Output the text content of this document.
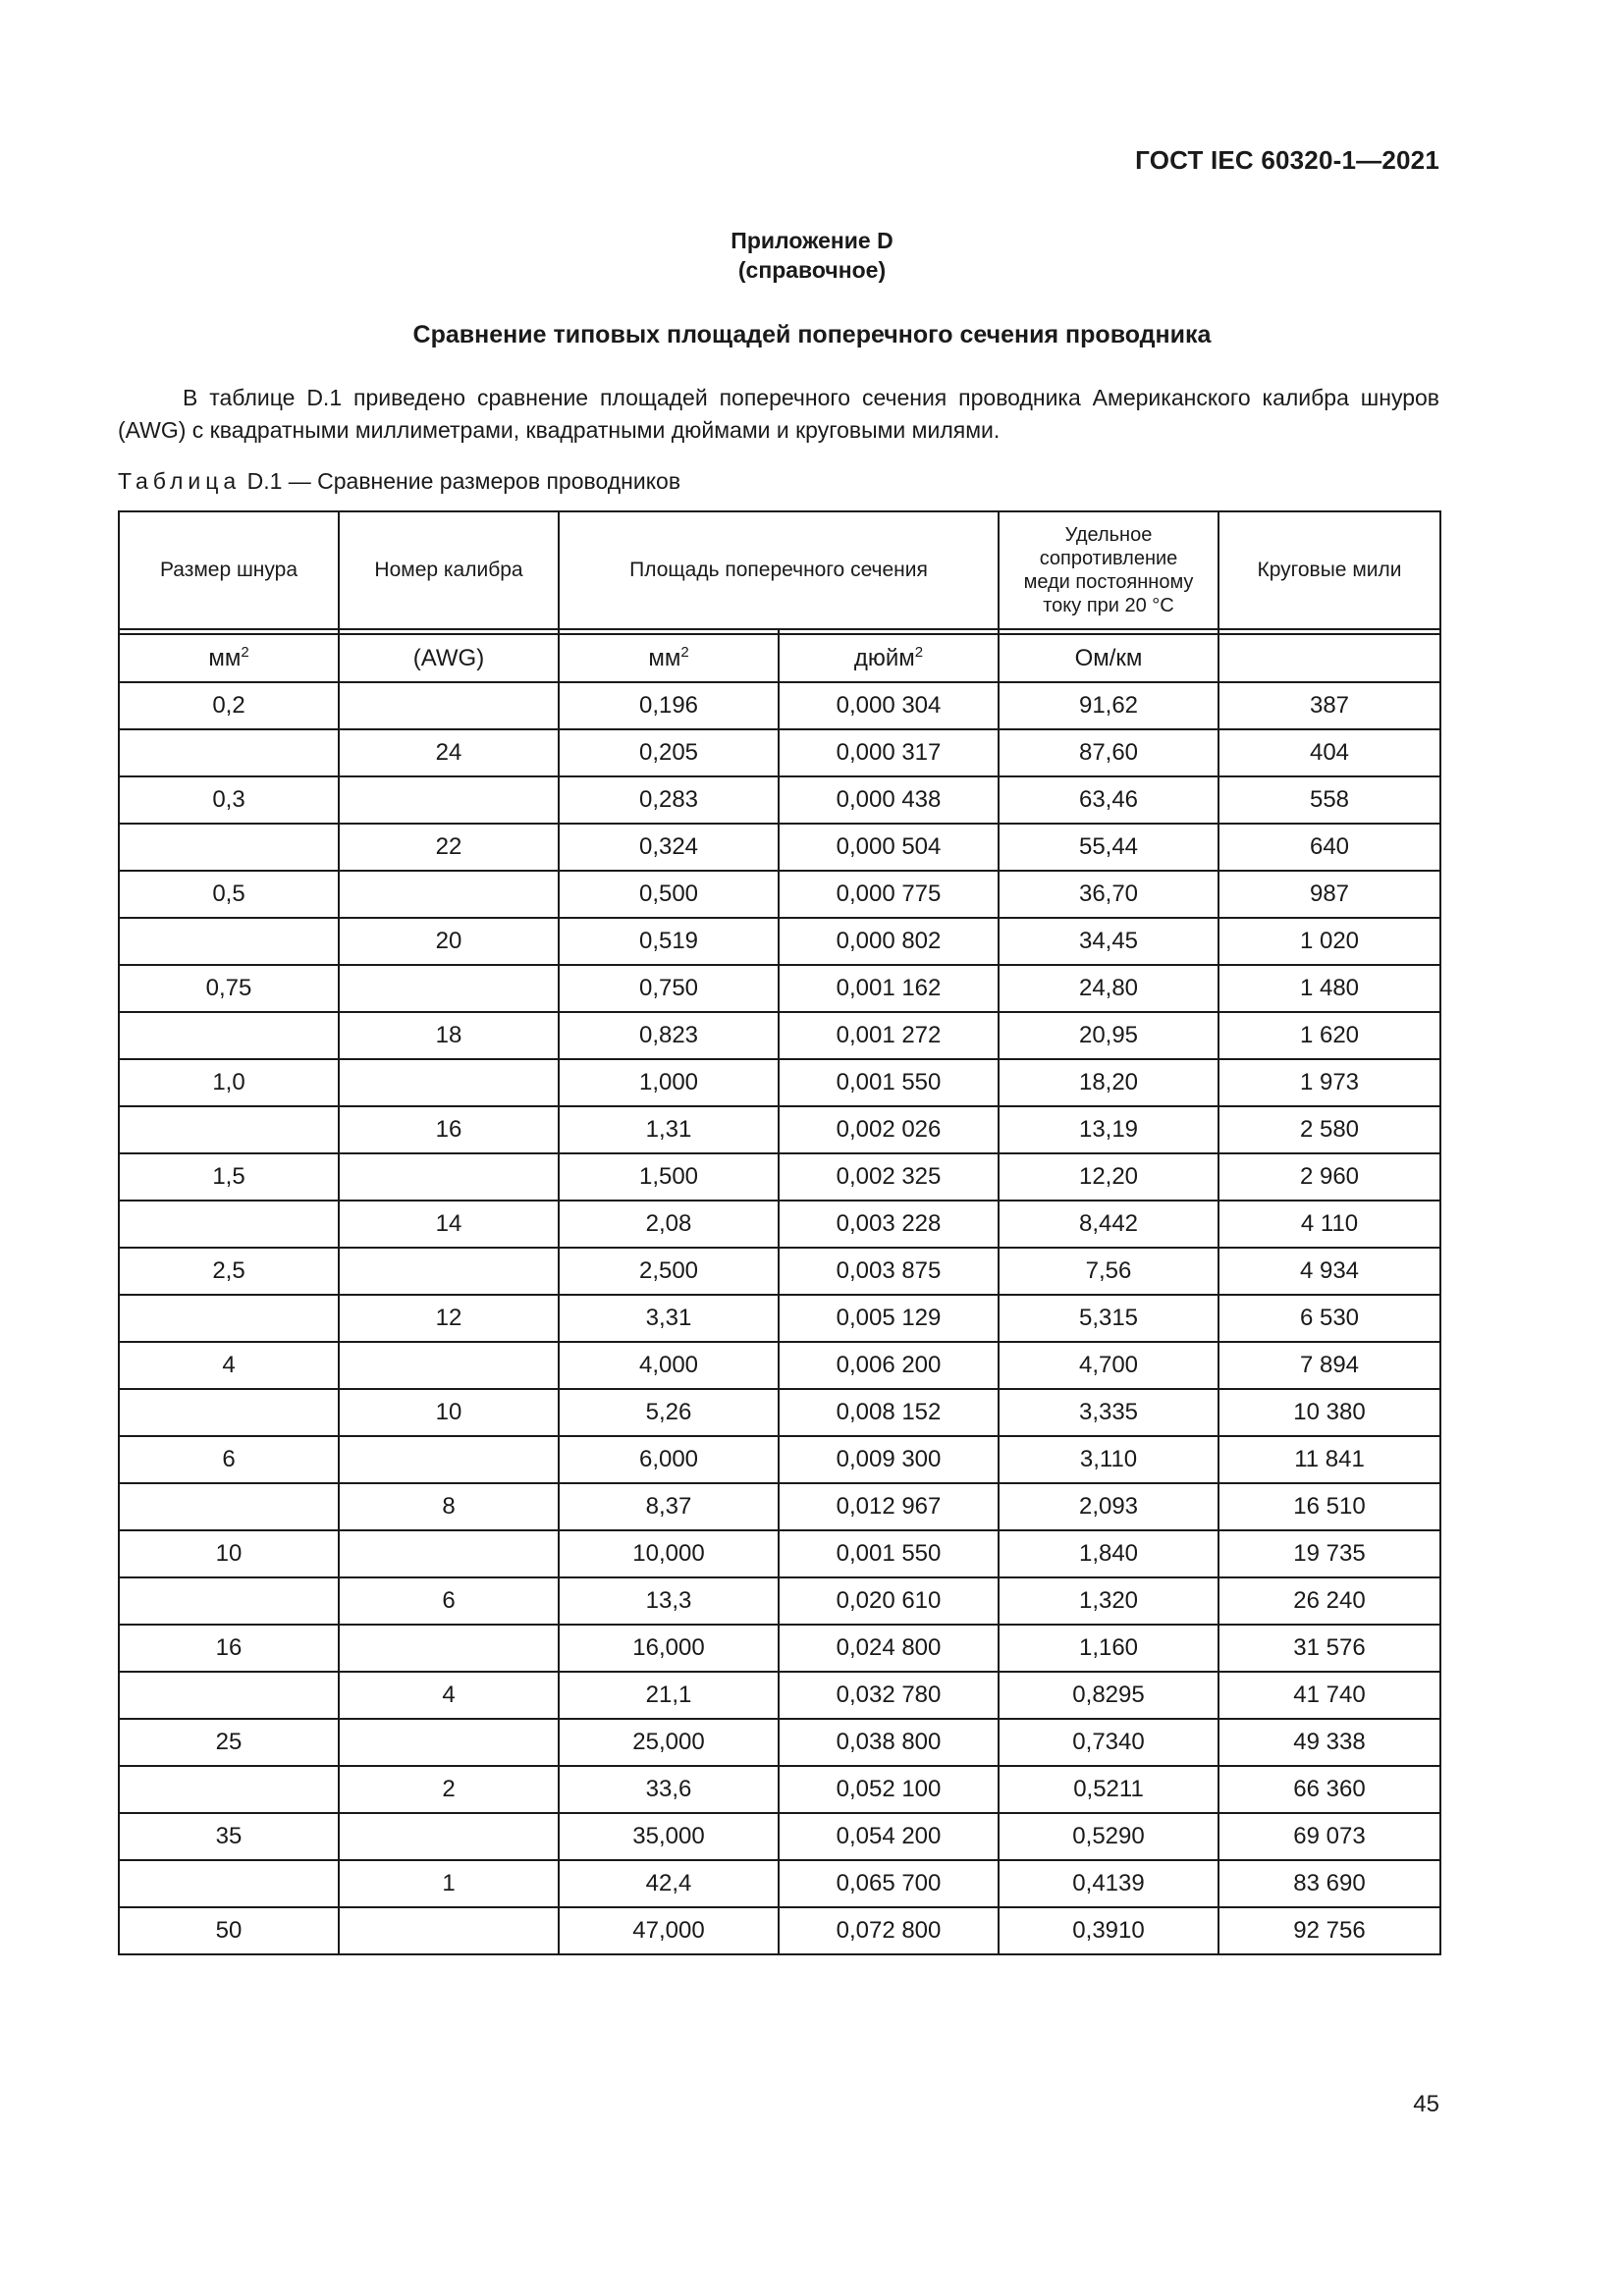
ГОСТ IEC 60320-1—2021
Приложение D
(справочное)
Сравнение типовых площадей поперечного сечения проводника

В таблице D.1 приведено сравнение площадей поперечного сечения проводника Американского калибра шнуров (AWG) с квадратными миллиметрами, квадратными дюймами и круговыми милями.

Таблица D.1 — Сравнение размеров проводников
Размер шнура	Номер калибра	Площадь поперечного сечения		Удельное сопротивление меди постоянному току при 20 °C	Круговые мили

$мм^2$	(AWG)	$мм^2$	дюйм$^2$	Ом/км	
0,2		0,196	0,000 304	91,62	387
	24	0,205	0,000 317	87,60	404
0,3		0,283	0,000 438	63,46	558
	22	0,324	0,000 504	55,44	640
0,5		0,500	0,000 775	36,70	987
	20	0,519	0,000 802	34,45	1 020
0,75		0,750	0,001 162	24,80	1 480
	18	0,823	0,001 272	20,95	1 620
1,0		1,000	0,001 550	18,20	1 973
	16	1,31	0,002 026	13,19	2 580
1,5		1,500	0,002 325	12,20	2 960
	14	2,08	0,003 228	8,442	4 110
2,5		2,500	0,003 875	7,56	4 934
	12	3,31	0,005 129	5,315	6 530
4		4,000	0,006 200	4,700	7 894
	10	5,26	0,008 152	3,335	10 380
6		6,000	0,009 300	3,110	11 841
	8	8,37	0,012 967	2,093	16 510
10		10,000	0,001 550	1,840	19 735
	6	13,3	0,020 610	1,320	26 240
16		16,000	0,024 800	1,160	31 576
	4	21,1	0,032 780	0,8295	41 740
25		25,000	0,038 800	0,7340	49 338
	2	33,6	0,052 100	0,5211	66 360
35		35,000	0,054 200	0,5290	69 073
	1	42,4	0,065 700	0,4139	83 690
50		47,000	0,072 800	0,3910	92 756
45
